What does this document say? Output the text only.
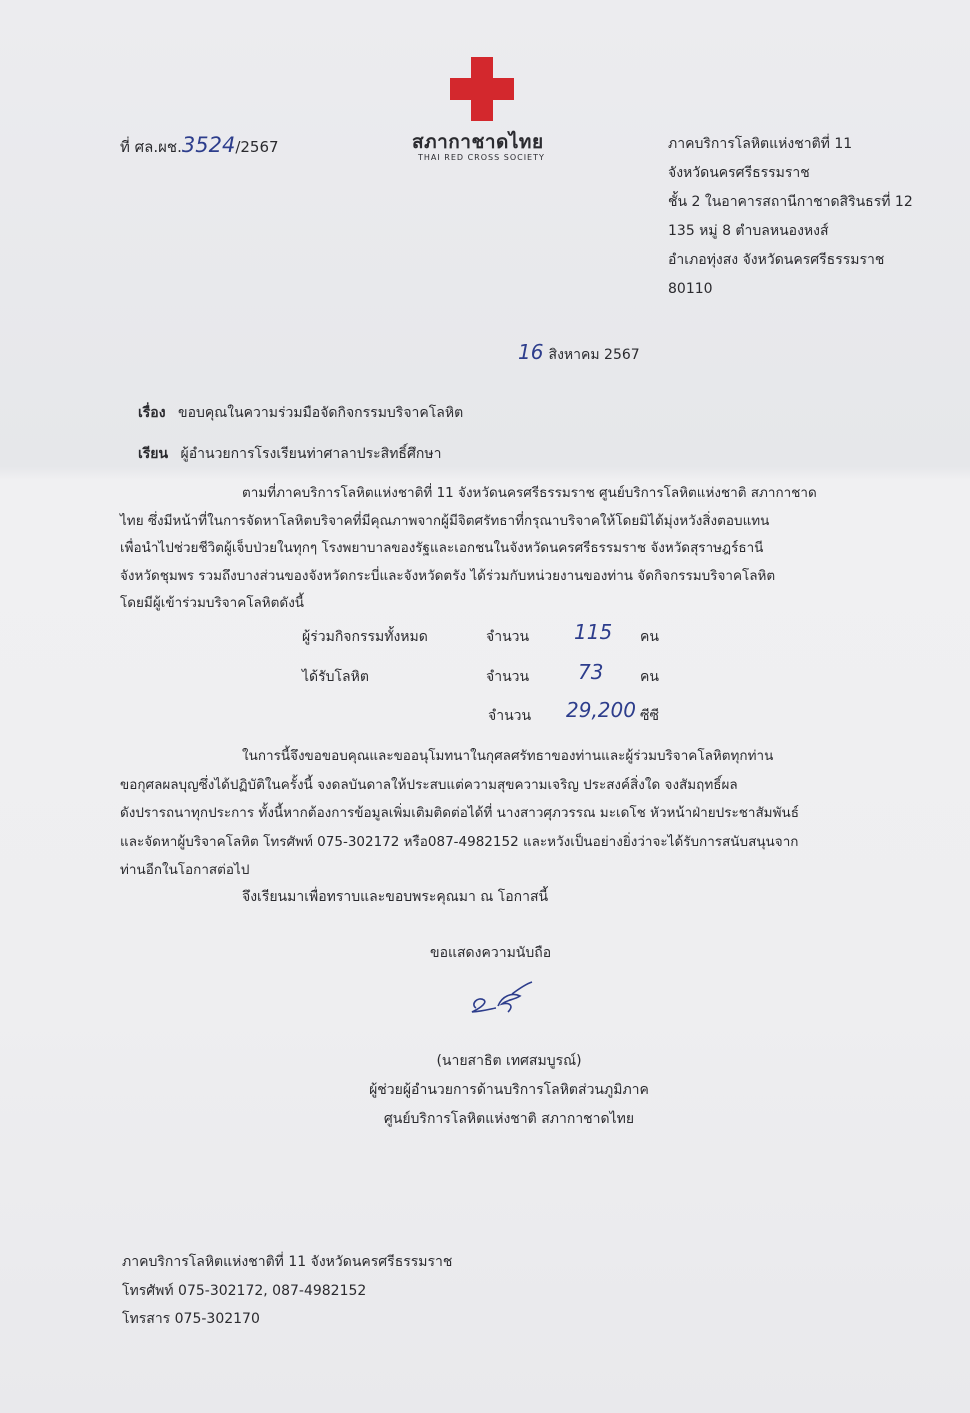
ที่ ศล.ผช.3524/2567	สภากาชาดไทย
THAI RED CROSS SOCIETY
ภาคบริการโลหิตแห่งชาติที่ 11
จังหวัดนครศรีธรรมราช
ชั้น 2 ในอาคารสถานีกาชาดสิรินธรที่ 12
135 หมู่ 8 ตำบลหนองหงส์
อำเภอทุ่งสง จังหวัดนครศรีธรรมราช
80110
16 สิงหาคม 2567
เรื่อง ขอบคุณในความร่วมมือจัดกิจกรรมบริจาคโลหิต
เรียน ผู้อำนวยการโรงเรียนท่าศาลาประสิทธิ์ศึกษา
ตามที่ภาคบริการโลหิตแห่งชาติที่ 11 จังหวัดนครศรีธรรมราช ศูนย์บริการโลหิตแห่งชาติ สภากาชาด
ไทย ซึ่งมีหน้าที่ในการจัดหาโลหิตบริจาคที่มีคุณภาพจากผู้มีจิตศรัทธาที่กรุณาบริจาคให้โดยมิได้มุ่งหวังสิ่งตอบแทน
เพื่อนำไปช่วยชีวิตผู้เจ็บป่วยในทุกๆ โรงพยาบาลของรัฐและเอกชนในจังหวัดนครศรีธรรมราช จังหวัดสุราษฎร์ธานี
จังหวัดชุมพร รวมถึงบางส่วนของจังหวัดกระบี่และจังหวัดตรัง ได้ร่วมกับหน่วยงานของท่าน จัดกิจกรรมบริจาคโลหิต
โดยมีผู้เข้าร่วมบริจาคโลหิตดังนี้
ผู้ร่วมกิจกรรมทั้งหมด	จำนวน 115 คน
ได้รับโลหิต	จำนวน 73	คน
จำนวน 29,200 ซีซี
ในการนี้จึงขอขอบคุณและขออนุโมทนาในกุศลศรัทธาของท่านและผู้ร่วมบริจาคโลหิตทุกท่าน
ขอกุศลผลบุญซึ่งได้ปฏิบัติในครั้งนี้ จงดลบันดาลให้ประสบแต่ความสุขความเจริญ ประสงค์สิ่งใด จงสัมฤทธิ์ผล
ดังปรารถนาทุกประการ ทั้งนี้หากต้องการข้อมูลเพิ่มเติมติดต่อได้ที่ นางสาวศุภวรรณ มะเดโช หัวหน้าฝ่ายประชาสัมพันธ์
และจัดหาผู้บริจาคโลหิต โทรศัพท์ 075-302172 หรือ087-4982152 และหวังเป็นอย่างยิ่งว่าจะได้รับการสนับสนุนจาก
ท่านอีกในโอกาสต่อไป
จึงเรียนมาเพื่อทราบและขอบพระคุณมา ณ โอกาสนี้
ขอแสดงความนับถือ
(นายสาธิต เทศสมบูรณ์)
ผู้ช่วยผู้อำนวยการด้านบริการโลหิตส่วนภูมิภาค
ศูนย์บริการโลหิตแห่งชาติ สภากาชาดไทย
ภาคบริการโลหิตแห่งชาติที่ 11 จังหวัดนครศรีธรรมราช
โทรศัพท์ 075-302172, 087-4982152
โทรสาร 075-302170
